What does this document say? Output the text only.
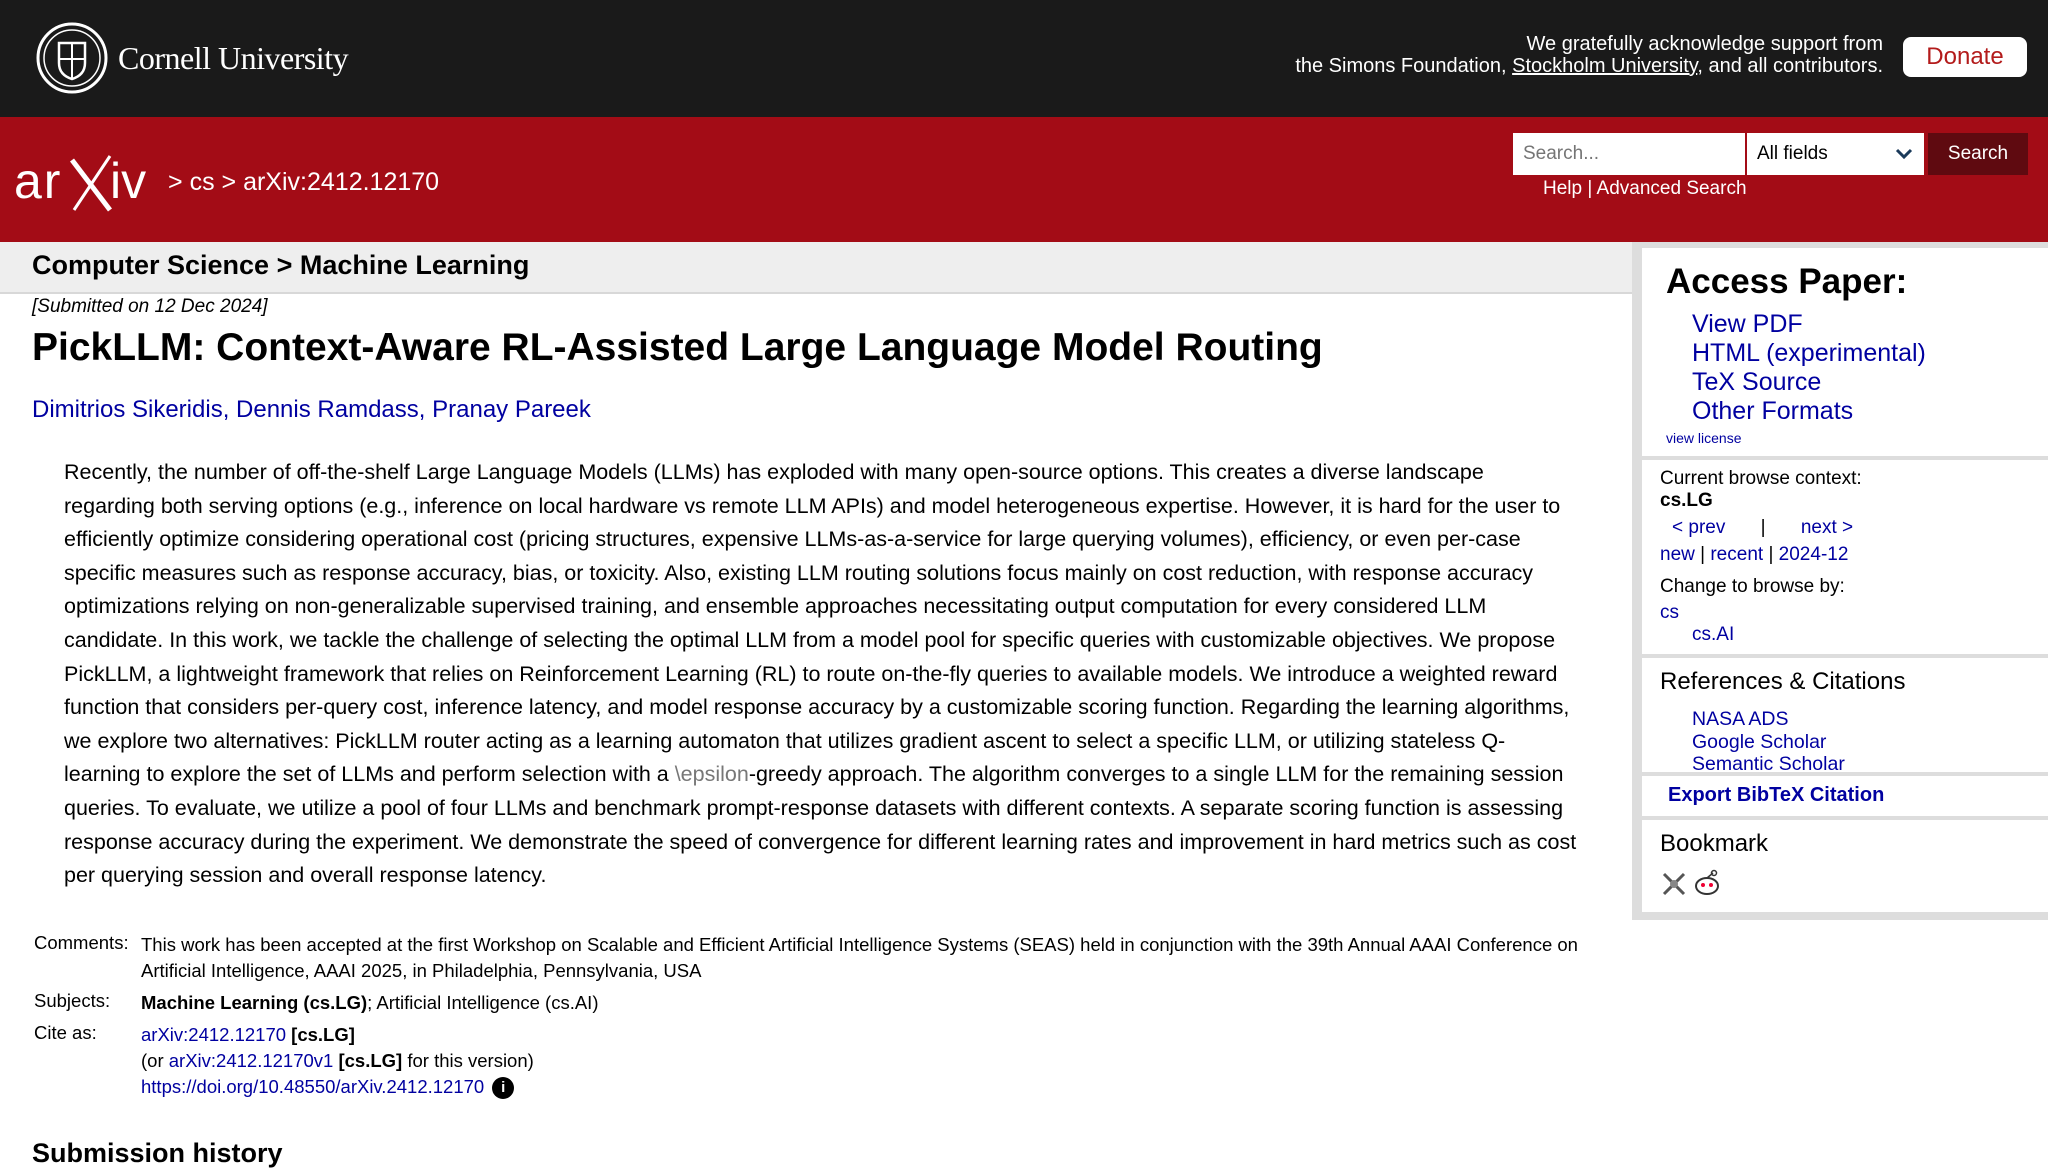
Cornell University	We gratefully acknowledge support from
the Simons Foundation, Stockholm University, and all contributors.	Donate
ar iv > cs > arXiv:2412.12170
Search...
All fields	Search
Help | Advanced Search
Computer Science > Machine Learning
[Submitted on 12 Dec 2024]
PickLLM: Context-Aware RL-Assisted Large Language Model Routing
Dimitrios Sikeridis, Dennis Ramdass, Pranay Pareek
Recently, the number of off-the-shelf Large Language Models (LLMs) has exploded with many open-source options. This creates a diverse landscape regarding both serving options (e.g., inference on local hardware vs remote LLM APIs) and model heterogeneous expertise. However, it is hard for the user to efficiently optimize considering operational cost (pricing structures, expensive LLMs-as-a-service for large querying volumes), efficiency, or even per-case specific measures such as response accuracy, bias, or toxicity. Also, existing LLM routing solutions focus mainly on cost reduction, with response accuracy optimizations relying on non-generalizable supervised training, and ensemble approaches necessitating output computation for every considered LLM candidate. In this work, we tackle the challenge of selecting the optimal LLM from a model pool for specific queries with customizable objectives. We propose PickLLM, a lightweight framework that relies on Reinforcement Learning (RL) to route on-the-fly queries to available models. We introduce a weighted reward function that considers per-query cost, inference latency, and model response accuracy by a customizable scoring function. Regarding the learning algorithms, we explore two alternatives: PickLLM router acting as a learning automaton that utilizes gradient ascent to select a specific LLM, or utilizing stateless Q-learning to explore the set of LLMs and perform selection with a \epsilon-greedy approach. The algorithm converges to a single LLM for the remaining session queries. To evaluate, we utilize a pool of four LLMs and benchmark prompt-response datasets with different contexts. A separate scoring function is assessing response accuracy during the experiment. We demonstrate the speed of convergence for different learning rates and improvement in hard metrics such as cost per querying session and overall response latency.
Comments: This work has been accepted at the first Workshop on Scalable and Efficient Artificial Intelligence Systems (SEAS) held in conjunction with the 39th Annual AAAI Conference on Artificial Intelligence, AAAI 2025, in Philadelphia, Pennsylvania, USA
Subjects:	Machine Learning (cs.LG); Artificial Intelligence (cs.AI)
Cite as:	arXiv:2412.12170 [cs.LG]
(or arXiv:2412.12170v1 [cs.LG] for this version)
https://doi.org/10.48550/arXiv.2412.12170 i
Submission history
Access Paper:
View PDF
HTML (experimental)
TeX Source
Other Formats
view license
Current browse context:
cs.LG
< prev | next >
new | recent | 2024-12
Change to browse by:
cs
cs.AI
References & Citations
NASA ADS
Google Scholar
Semantic Scholar
Export BibTeX Citation
Bookmark
